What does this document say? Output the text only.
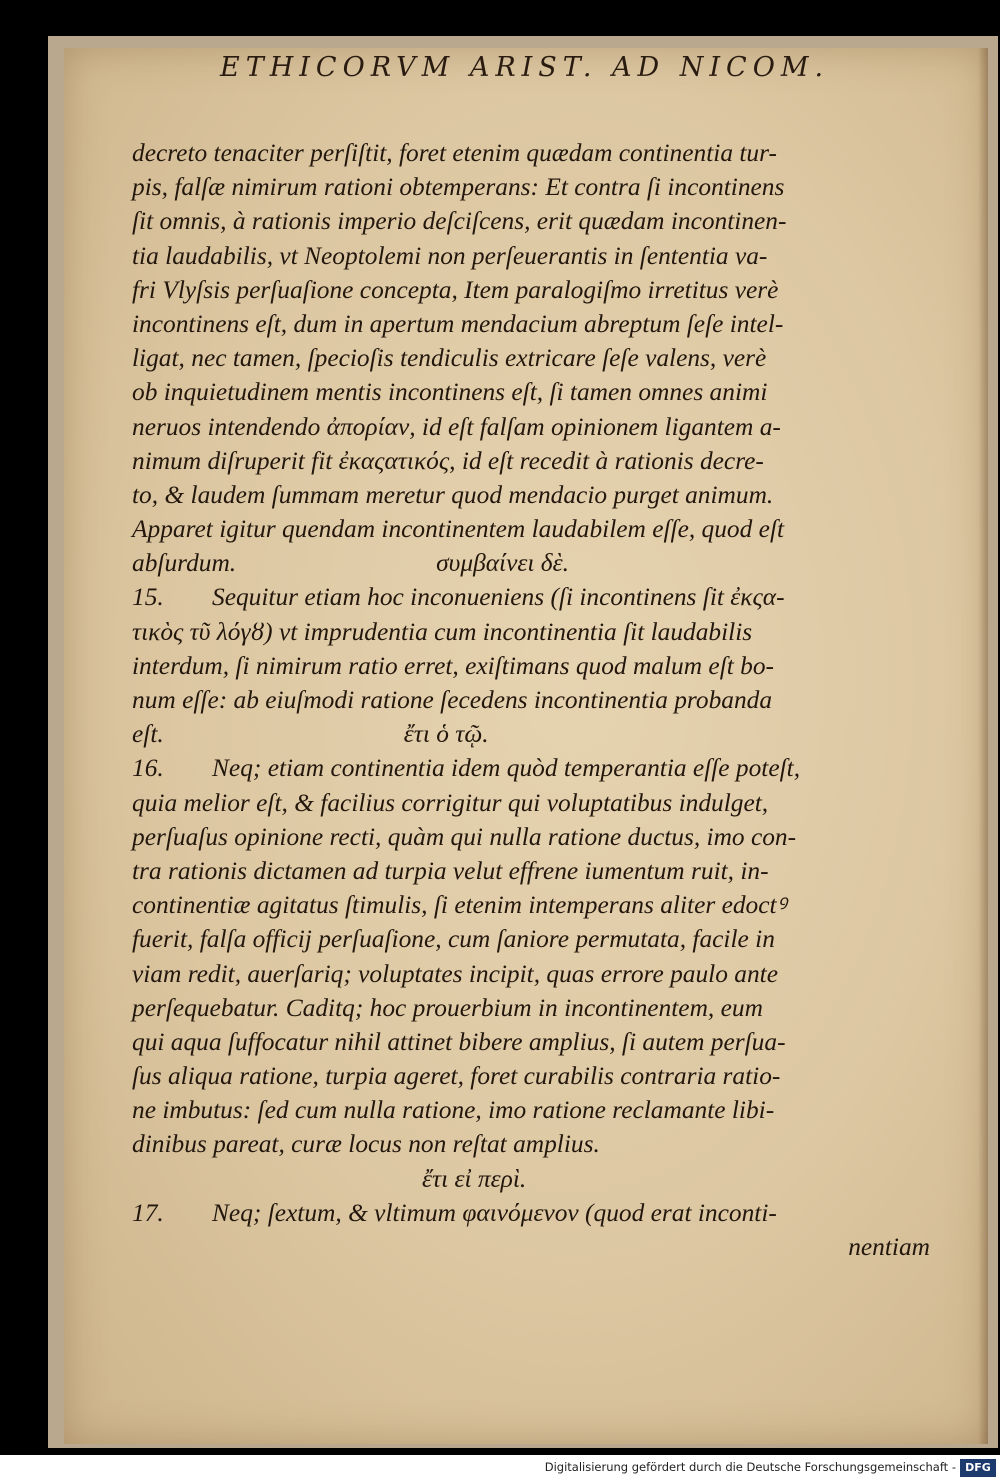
ETHICORVM ARIST. AD NICOM.
decreto tenaciter perſiſtit, foret etenim quædam continentia tur-
pis, falſæ nimirum rationi obtemperans: Et contra ſi incontinens
ſit omnis, à rationis imperio deſciſcens, erit quædam incontinen-
tia laudabilis, vt Neoptolemi non perſeuerantis in ſententia va-
fri Vlyſsis perſuaſione concepta, Item paralogiſmo irretitus verè
incontinens eſt, dum in apertum mendacium abreptum ſeſe intel-
ligat, nec tamen, ſpecioſis tendiculis extricare ſeſe valens, verè
ob inquietudinem mentis incontinens eſt, ſi tamen omnes animi
neruos intendendo ἀπορίαν, id eſt falſam opinionem ligantem a-
nimum diſruperit fit ἐκαςατικός, id eſt recedit à rationis decre-
to, & laudem ſummam meretur quod mendacio purget animum.
Apparet igitur quendam incontinentem laudabilem eſſe, quod eſt
abſurdum.	συμβαίνει δὲ.
15. Sequitur etiam hoc inconueniens (ſi incontinens ſit ἐκςα-
τικὸς τῦ λόγȣ) vt imprudentia cum incontinentia ſit laudabilis
interdum, ſi nimirum ratio erret, exiſtimans quod malum eſt bo-
num eſſe: ab eiuſmodi ratione ſecedens incontinentia probanda
eſt.	ἔτι ὁ τῷ.
16. Neq; etiam continentia idem quòd temperantia eſſe poteſt,
quia melior eſt, & facilius corrigitur qui voluptatibus indulget,
perſuaſus opinione recti, quàm qui nulla ratione ductus, imo con-
tra rationis dictamen ad turpia velut effrene iumentum ruit, in-
continentiæ agitatus ſtimulis, ſi etenim intemperans aliter edoctꝰ
fuerit, falſa officij perſuaſione, cum ſaniore permutata, facile in
viam redit, auerſariq; voluptates incipit, quas errore paulo ante
perſequebatur. Caditq; hoc prouerbium in incontinentem, eum
qui aqua ſuffocatur nihil attinet bibere amplius, ſi autem perſua-
ſus aliqua ratione, turpia ageret, foret curabilis contraria ratio-
ne imbutus: ſed cum nulla ratione, imo ratione reclamante libi-
dinibus pareat, curæ locus non reſtat amplius.
ἔτι εἰ περὶ.
17. Neq; ſextum, & vltimum φαινόμενον (quod erat inconti-
nentiam
Digitalisierung gefördert durch die Deutsche Forschungsgemeinschaft - DFG
